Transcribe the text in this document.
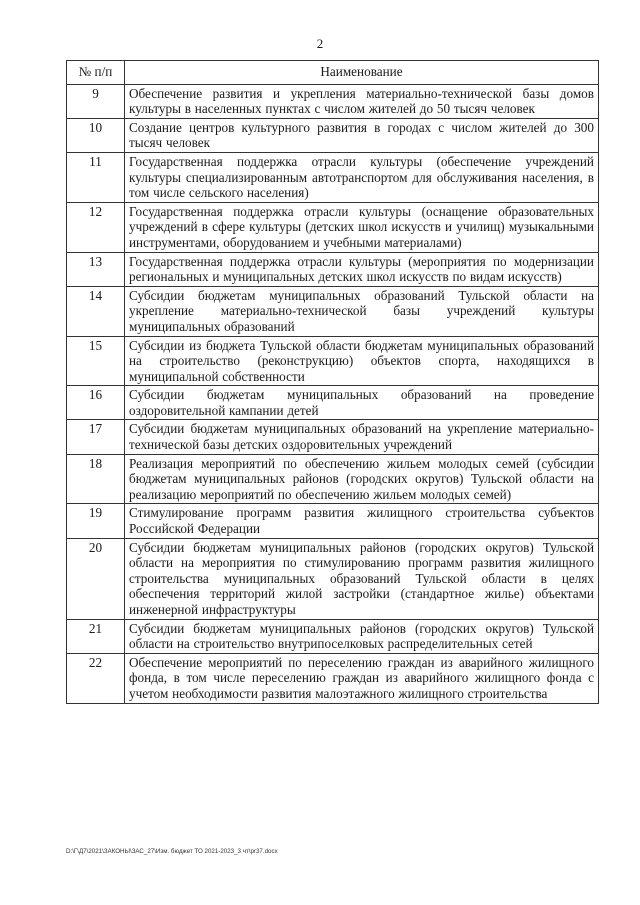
2
№ п/п	Наименование
9	Обеспечение развития и укрепления материально-технической базы домов культуры в населенных пунктах с числом жителей до 50 тысяч человек
10	Создание центров культурного развития в городах с числом жителей до 300 тысяч человек
11	Государственная поддержка отрасли культуры (обеспечение учреждений культуры специализированным автотранспортом для обслуживания населения, в том числе сельского населения)
12	Государственная поддержка отрасли культуры (оснащение образовательных учреждений в сфере культуры (детских школ искусств и училищ) музыкальными инструментами, оборудованием и учебными материалами)
13	Государственная поддержка отрасли культуры (мероприятия по модернизации региональных и муниципальных детских школ искусств по видам искусств)
14	Субсидии бюджетам муниципальных образований Тульской области на укрепление материально-технической базы учреждений культуры муниципальных образований
15	Субсидии из бюджета Тульской области бюджетам муниципальных образований на строительство (реконструкцию) объектов спорта, находящихся в муниципальной собственности
16	Субсидии бюджетам муниципальных образований на проведение оздоровительной кампании детей
17	Субсидии бюджетам муниципальных образований на укрепление материально-технической базы детских оздоровительных учреждений
18	Реализация мероприятий по обеспечению жильем молодых семей (субсидии бюджетам муниципальных районов (городских округов) Тульской области на реализацию мероприятий по обеспечению жильем молодых семей)
19	Стимулирование программ развития жилищного строительства субъектов Российской Федерации
20	Субсидии бюджетам муниципальных районов (городских округов) Тульской области на мероприятия по стимулированию программ развития жилищного строительства муниципальных образований Тульской области в целях обеспечения территорий жилой застройки (стандартное жилье) объектами инженерной инфраструктуры
21	Субсидии бюджетам муниципальных районов (городских округов) Тульской области на строительство внутрипоселковых распределительных сетей
22	Обеспечение мероприятий по переселению граждан из аварийного жилищного фонда, в том числе переселению граждан из аварийного жилищного фонда с учетом необходимости развития малоэтажного жилищного строительства
D:\Г\Д7\2021\ЗАКОНЫ\ЗАС_27\Изм. бюджет ТО 2021-2023_3 чт\pr37.docx
